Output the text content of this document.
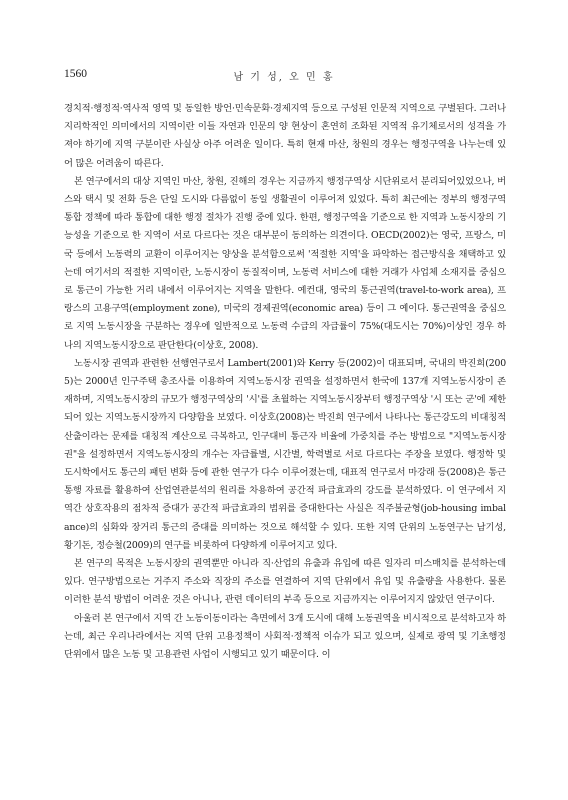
1560	남 기 성, 오 민 홍

경치적·행정적·역사적 영역 및 동일한 방언·민속문화·경제지역 등으로 구성된 인문적 지역으로 구별된다. 그러나 지리학적인 의미에서의 지역이란 이들 자연과 인문의 양 현상이 혼연히 조화된 지역적 유기체로서의 성격을 가져야 하기에 지역 구분이란 사실상 아주 어려운 일이다. 특히 현재 마산, 창원의 경우는 행정구역을 나누는데 있어 많은 어려움이 따른다.

본 연구에서의 대상 지역인 마산, 창원, 진해의 경우는 지금까지 행정구역상 시단위로서 분리되어있었으나, 버스와 택시 및 전화 등은 단일 도시와 다름없이 동일 생활권이 이루어져 있었다. 특히 최근에는 정부의 행정구역 통합 정책에 따라 통합에 대한 행정 절차가 진행 중에 있다. 한편, 행정구역을 기준으로 한 지역과 노동시장의 기능성을 기준으로 한 지역이 서로 다르다는 것은 대부분이 동의하는 의견이다. OECD(2002)는 영국, 프랑스, 미국 등에서 노동력의 교환이 이루어지는 양상을 분석함으로써 '적절한 지역'을 파악하는 접근방식을 채택하고 있는데 여기서의 적절한 지역이란, 노동시장이 동질적이며, 노동력 서비스에 대한 거래가 사업체 소재지를 중심으로 통근이 가능한 거리 내에서 이루어지는 지역을 말한다. 예컨대, 영국의 통근권역(travel-to-work area), 프랑스의 고용구역(employment zone), 미국의 경제권역(economic area) 등이 그 예이다. 통근권역을 중심으로 지역 노동시장을 구분하는 경우에 일반적으로 노동력 수급의 자급률이 75%(대도시는 70%)이상인 경우 하나의 지역노동시장으로 판단한다(이상호, 2008).

노동시장 권역과 관련한 선행연구로서 Lambert(2001)와 Kerry 등(2002)이 대표되며, 국내의 박진희(2005)는 2000년 인구주택 총조사를 이용하여 지역노동시장 권역을 설정하면서 한국에 137개 지역노동시장이 존재하며, 지역노동시장의 규모가 행정구역상의 '시'를 초월하는 지역노동시장부터 행정구역상 '시 또는 군'에 제한되어 있는 지역노동시장까지 다양함을 보였다. 이상호(2008)는 박진희 연구에서 나타나는 통근강도의 비대칭적 산출이라는 문제를 대칭적 계산으로 극복하고, 인구대비 통근자 비율에 가중치를 주는 방법으로 "지역노동시장권"을 설정하면서 지역노동시장의 개수는 자급률별, 시간별, 학력별로 서로 다르다는 주장을 보였다. 행정학 및 도시학에서도 통근의 패턴 변화 등에 관한 연구가 다수 이루어졌는데, 대표적 연구로서 마강래 등(2008)은 통근통행 자료를 활용하여 산업연관분석의 원리를 차용하여 공간적 파급효과의 강도를 분석하였다. 이 연구에서 지역간 상호작용의 점차적 증대가 공간적 파급효과의 범위를 증대한다는 사실은 직주불균형(job-housing imbalance)의 심화와 장거리 통근의 증대를 의미하는 것으로 해석할 수 있다. 또한 지역 단위의 노동연구는 남기성, 황기돈, 정승철(2009)의 연구를 비롯하여 다양하게 이루어지고 있다.

본 연구의 목적은 노동시장의 권역뿐만 아니라 직·산업의 유출과 유입에 따른 일자리 미스매치를 분석하는데 있다. 연구방법으로는 거주지 주소와 직장의 주소를 연결하여 지역 단위에서 유입 및 유출량을 사용한다. 물론 이러한 분석 방법이 어려운 것은 아니나, 관련 데이터의 부족 등으로 지금까지는 이루어지지 않았던 연구이다.

아울러 본 연구에서 지역 간 노동이동이라는 측면에서 3개 도시에 대해 노동권역을 비시적으로 분석하고자 하는데, 최근 우리나라에서는 지역 단위 고용정책이 사회적·정책적 이슈가 되고 있으며, 실제로 광역 및 기초행정단위에서 많은 노동 및 고용관련 사업이 시행되고 있기 때문이다. 이
